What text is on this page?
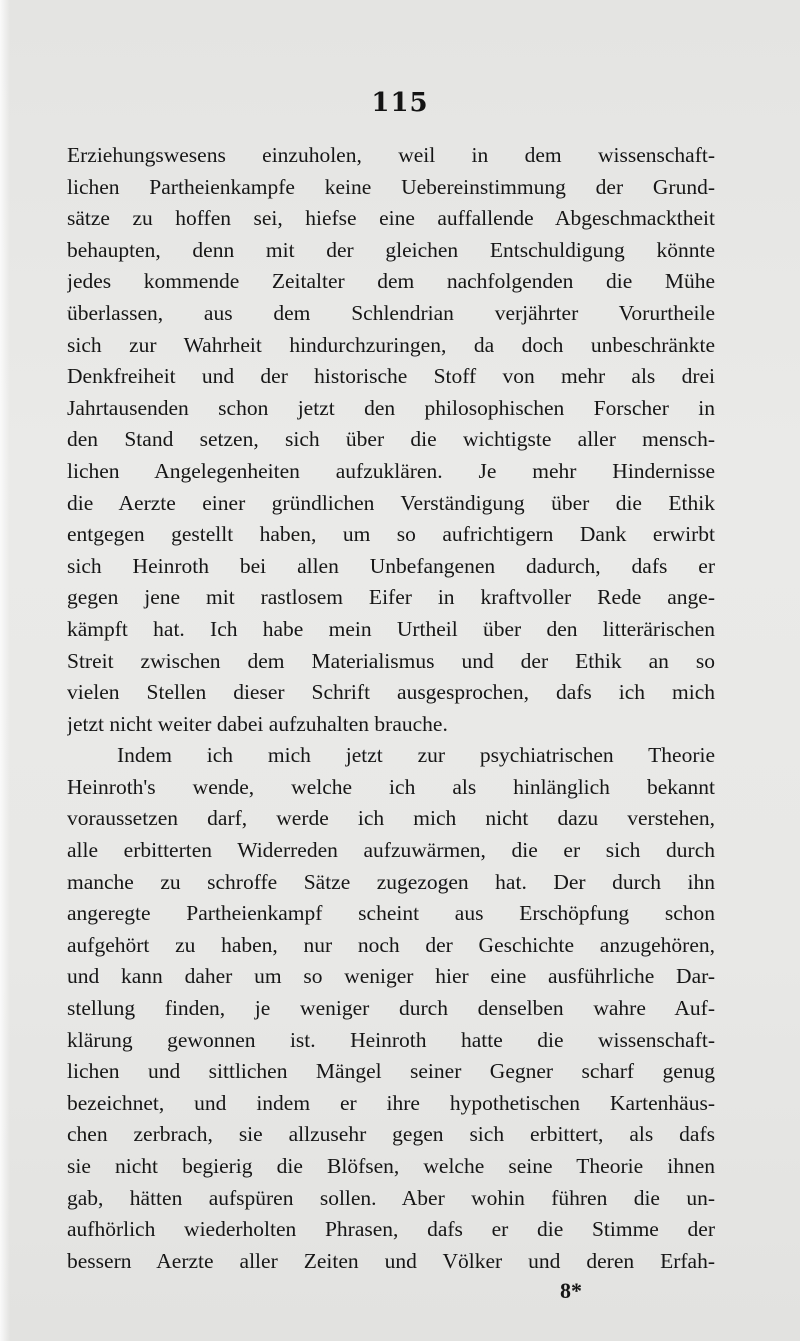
115
Erziehungswesens einzuholen, weil in dem wissenschaft-
lichen Partheienkampfe keine Uebereinstimmung der Grund-
sätze zu hoffen sei, hiefse eine auffallende Abgeschmacktheit
behaupten, denn mit der gleichen Entschuldigung könnte
jedes kommende Zeitalter dem nachfolgenden die Mühe
überlassen, aus dem Schlendrian verjährter Vorurtheile
sich zur Wahrheit hindurchzuringen, da doch unbeschränkte
Denkfreiheit und der historische Stoff von mehr als drei
Jahrtausenden schon jetzt den philosophischen Forscher in
den Stand setzen, sich über die wichtigste aller mensch-
lichen Angelegenheiten aufzuklären. Je mehr Hindernisse
die Aerzte einer gründlichen Verständigung über die Ethik
entgegen gestellt haben, um so aufrichtigern Dank erwirbt
sich Heinroth bei allen Unbefangenen dadurch, dafs er
gegen jene mit rastlosem Eifer in kraftvoller Rede ange-
kämpft hat. Ich habe mein Urtheil über den litterärischen
Streit zwischen dem Materialismus und der Ethik an so
vielen Stellen dieser Schrift ausgesprochen, dafs ich mich
jetzt nicht weiter dabei aufzuhalten brauche.
Indem ich mich jetzt zur psychiatrischen Theorie
Heinroth's wende, welche ich als hinlänglich bekannt
voraussetzen darf, werde ich mich nicht dazu verstehen,
alle erbitterten Widerreden aufzuwärmen, die er sich durch
manche zu schroffe Sätze zugezogen hat. Der durch ihn
angeregte Partheienkampf scheint aus Erschöpfung schon
aufgehört zu haben, nur noch der Geschichte anzugehören,
und kann daher um so weniger hier eine ausführliche Dar-
stellung finden, je weniger durch denselben wahre Auf-
klärung gewonnen ist. Heinroth hatte die wissenschaft-
lichen und sittlichen Mängel seiner Gegner scharf genug
bezeichnet, und indem er ihre hypothetischen Kartenhäus-
chen zerbrach, sie allzusehr gegen sich erbittert, als dafs
sie nicht begierig die Blöfsen, welche seine Theorie ihnen
gab, hätten aufspüren sollen. Aber wohin führen die un-
aufhörlich wiederholten Phrasen, dafs er die Stimme der
bessern Aerzte aller Zeiten und Völker und deren Erfah-
8*
